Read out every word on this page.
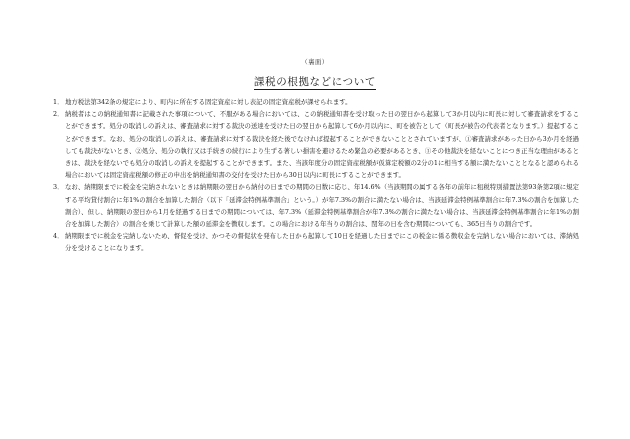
（裏面）
課税の根拠などについて
1． 地方税法第342条の規定により、町内に所在する固定資産に対し表記の固定資産税が課せられます。
2． 納税者はこの納税通知書に記載された事項について、不服がある場合においては、この納税通知書を受け取った日の翌日から起算して3か月以内に町長に対して審査請求をすることができます。処分の取消しの訴えは、審査請求に対する裁決の送達を受けた日の翌日から起算して6か月以内に、町を被告として（町長が被告の代表者となります。）提起することができます。なお、処分の取消しの訴えは、審査請求に対する裁決を経た後でなければ提起することができないこととされていますが、①審査請求があった日から3か月を経過しても裁決がないとき、②処分、処分の執行又は手続きの続行により生ずる著しい損害を避けるため緊急の必要があるとき、③その他裁決を経ないことにつき正当な理由があるときは、裁決を経ないでも処分の取消しの訴えを提起することができます。また、当該年度分の固定資産税額が仮算定税額の2分の1に相当する額に満たないこととなると認められる場合においては固定資産税額の修正の申出を納税通知書の交付を受けた日から30日以内に町長にすることができます。
3． なお、納期限までに税金を完納されないときは納期限の翌日から納付の日までの期間の日数に応じ、年14.6%（当該期間の属する各年の前年に租税特別措置法第93条第2項に規定する平均貸付割合に年1%の割合を加算した割合（以下「延滞金特例基準割合」という。）が年7.3%の割合に満たない場合は、当該延滞金特例基準割合に年7.3%の割合を加算した割合）、但し、納期限の翌日から1月を経過する日までの期間については、年7.3%（延滞金特例基準割合が年7.3%の割合に満たない場合は、当該延滞金特例基準割合に年1%の割合を加算した割合）の割合を乗じて計算した額の延滞金を徴収します。この場合における年当りの割合は、閏年の日を含む期間についても、365日当りの割合です。
4． 納期限までに税金を完納しないため、督促を受け、かつその督促状を発布した日から起算して10日を経過した日までにこの税金に係る徴収金を完納しない場合においては、滞納処分を受けることになります。
